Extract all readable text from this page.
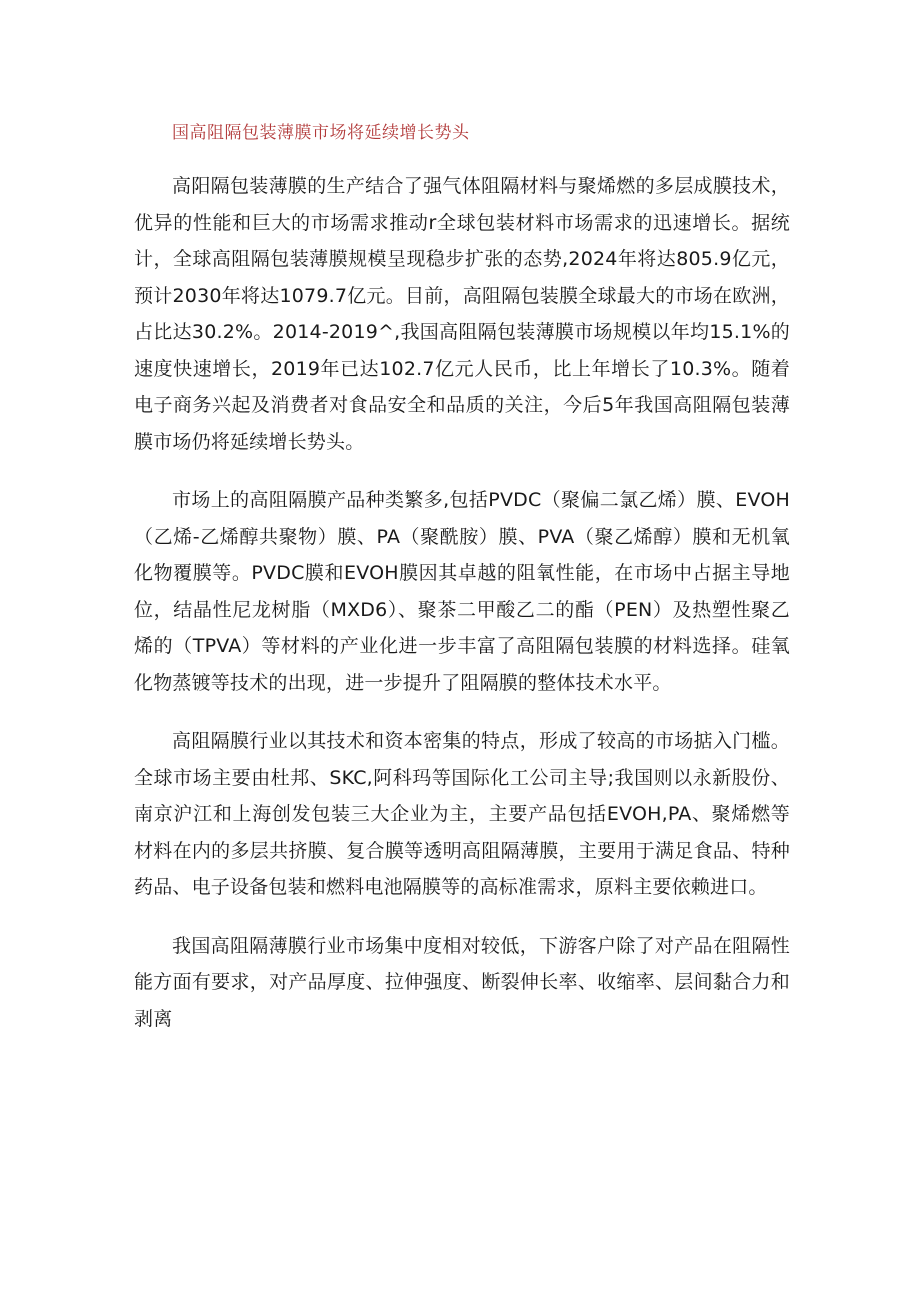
国高阻隔包装薄膜市场将延续增长势头

高阳隔包装薄膜的生产结合了强气体阻隔材料与聚烯燃的多层成膜技术，优异的性能和巨大的市场需求推动r全球包装材料市场需求的迅速增长。据统计，全球高阻隔包装薄膜规模呈现稳步扩张的态势,2024年将达805.9亿元，预计2030年将达1079.7亿元。目前，高阻隔包装膜全球最大的市场在欧洲，占比达30.2%。2014-2019^,我国高阻隔包装薄膜市场规模以年均15.1%的速度快速增长，2019年已达102.7亿元人民币，比上年增长了10.3%。随着电子商务兴起及消费者对食品安全和品质的关注，今后5年我国高阻隔包装薄膜市场仍将延续增长势头。

市场上的高阻隔膜产品种类繁多,包括PVDC（聚偏二氯乙烯）膜、EVOH（乙烯-乙烯醇共聚物）膜、PA（聚酰胺）膜、PVA（聚乙烯醇）膜和无机氧化物覆膜等。PVDC膜和EVOH膜因其卓越的阻氧性能，在市场中占据主导地位，结晶性尼龙树脂（MXD6）、聚茶二甲酸乙二的酯（PEN）及热塑性聚乙烯的（TPVA）等材料的产业化进一步丰富了高阻隔包装膜的材料选择。硅氧化物蒸镀等技术的出现，进一步提升了阻隔膜的整体技术水平。

高阻隔膜行业以其技术和资本密集的特点，形成了较高的市场掂入门槛。全球市场主要由杜邦、SKC,阿科玛等国际化工公司主导;我国则以永新股份、南京沪江和上海创发包装三大企业为主，主要产品包括EVOH,PA、聚烯燃等材料在内的多层共挤膜、复合膜等透明高阻隔薄膜，主要用于满足食品、特种药品、电子设备包装和燃料电池隔膜等的高标准需求，原料主要依赖进口。

我国高阻隔薄膜行业市场集中度相对较低，下游客户除了对产品在阻隔性能方面有要求，对产品厚度、拉伸强度、断裂伸长率、收缩率、层间黏合力和剥离
